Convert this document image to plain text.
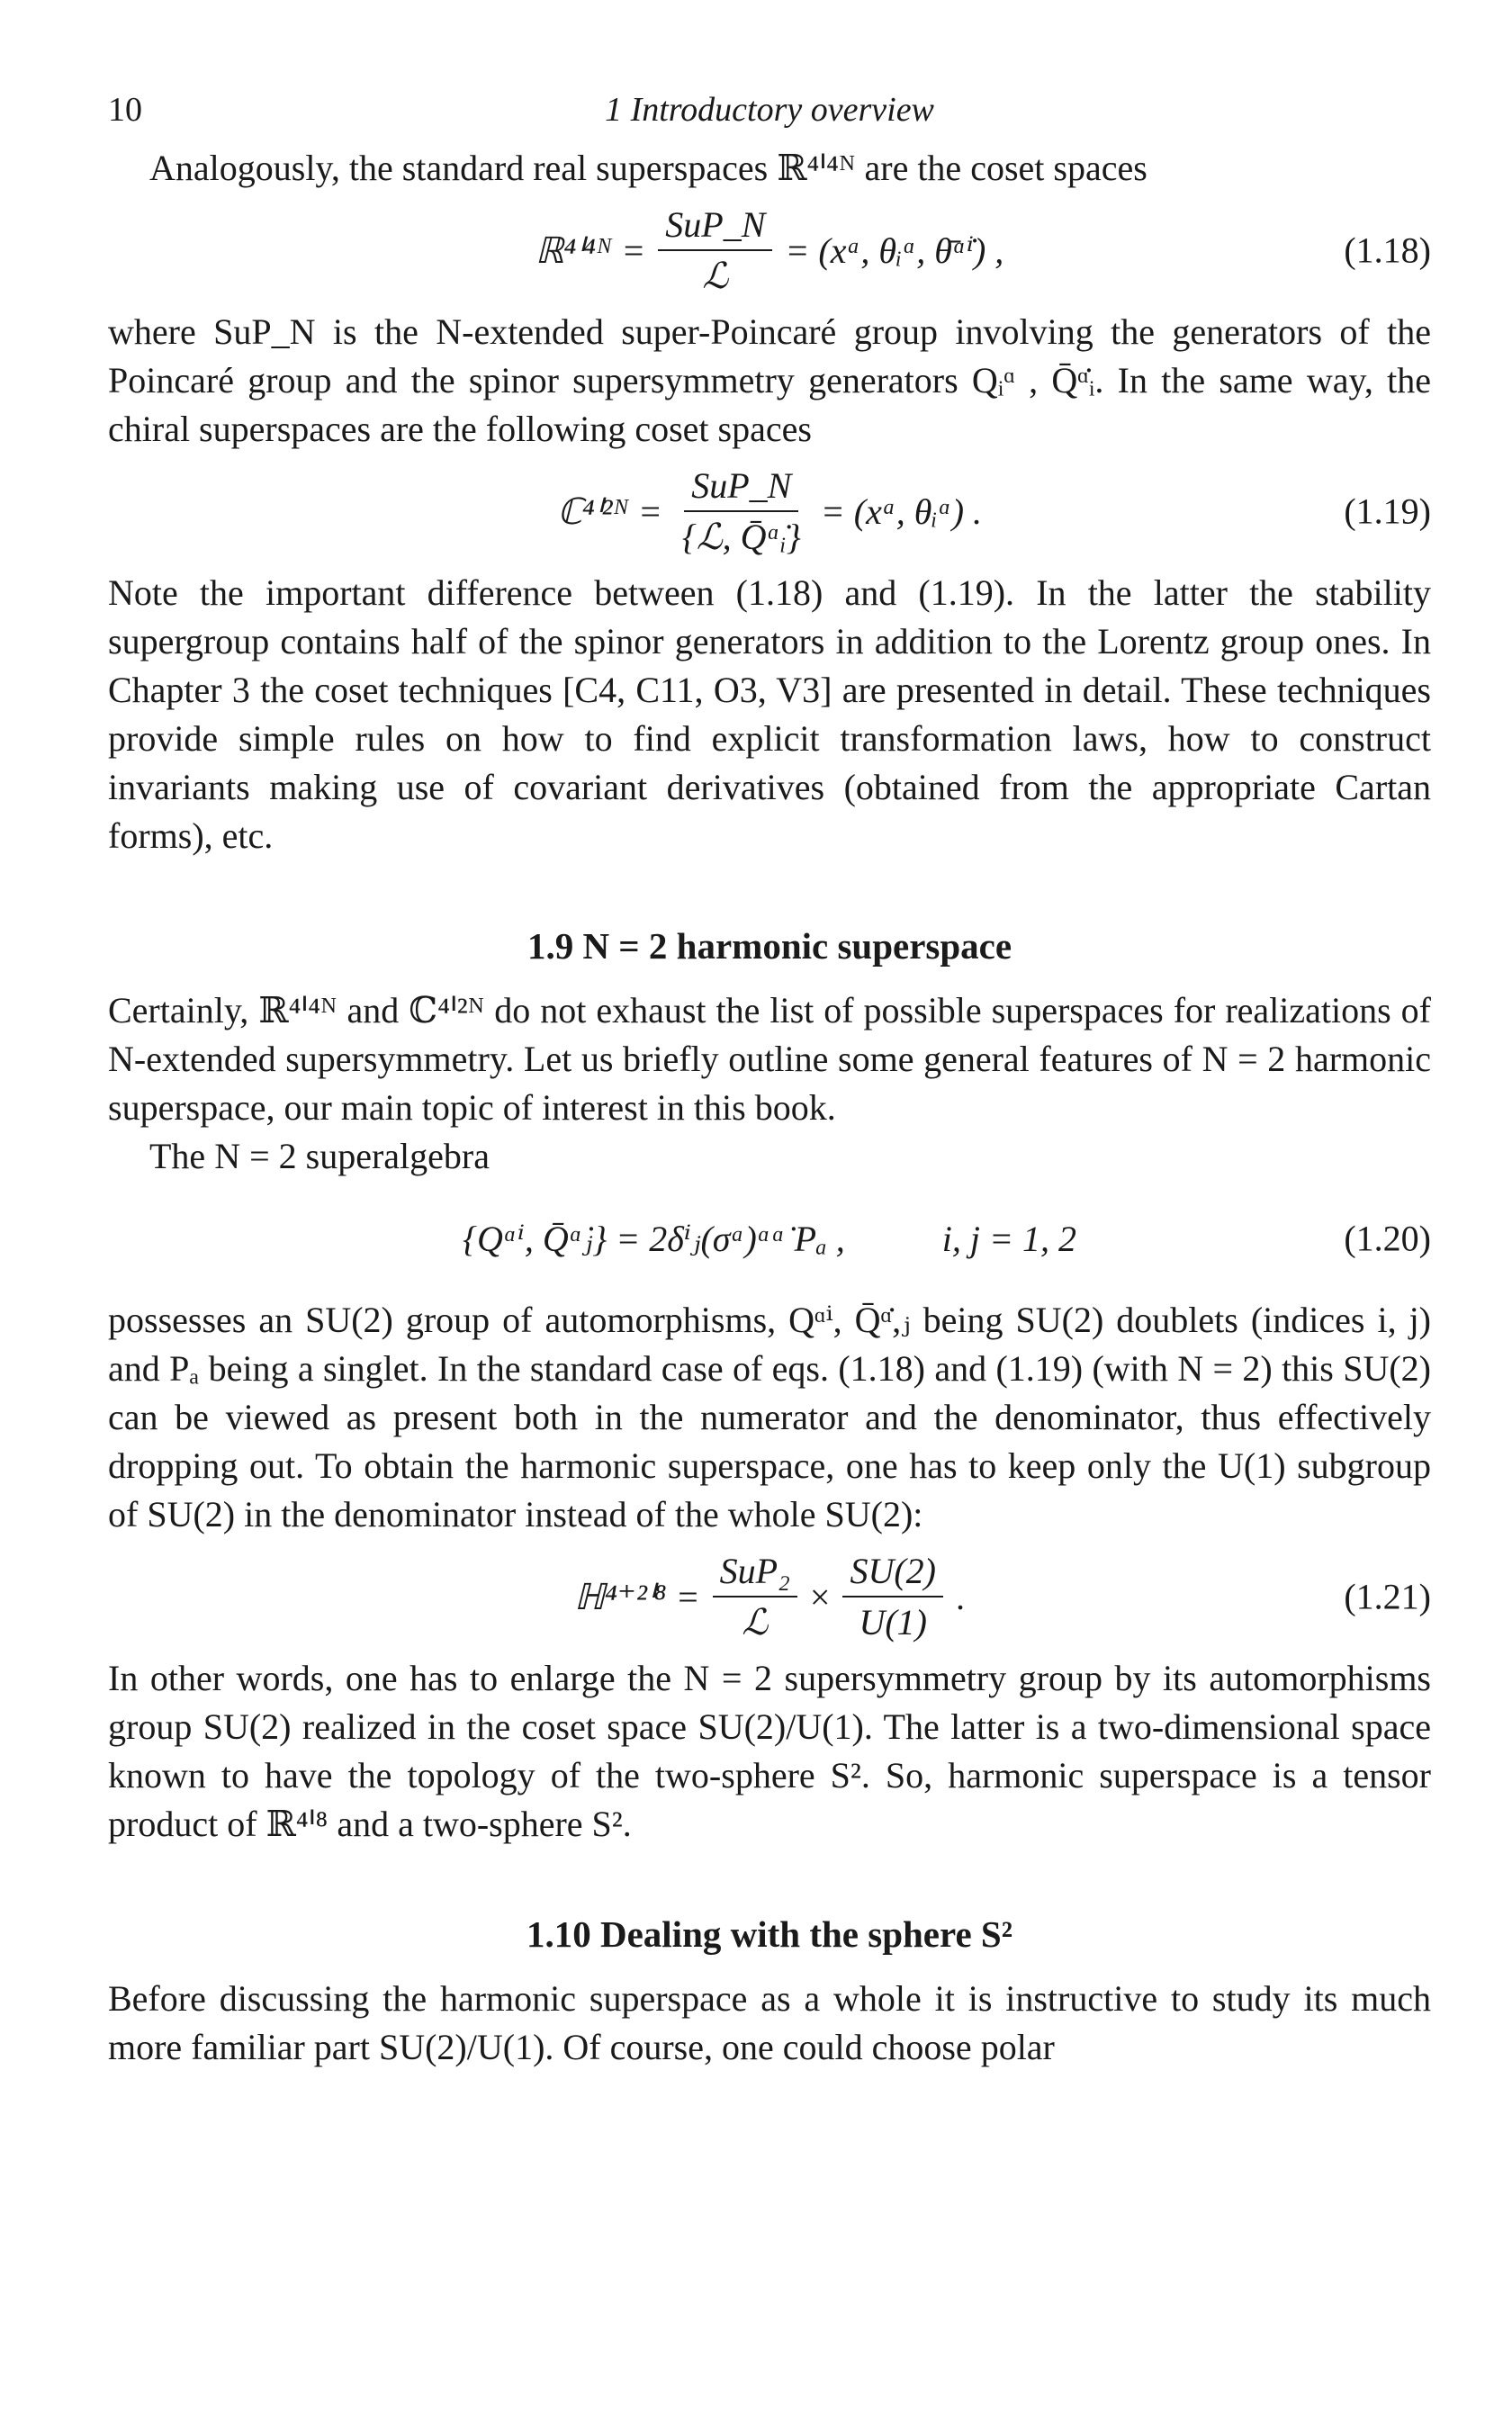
10	1 Introductory overview

Analogously, the standard real superspaces ℝ⁴ᑊ⁴ᴺ are the coset spaces

ℝ⁴ᑊ⁴ᴺ = $\frac{\text{SuP\_N}}{\text{ℒ}}$ = (xᵃ, θᵢᵅ, θ̄ᵅ̇ⁱ) ,	(1.18)

where SuP_N is the N-extended super-Poincaré group involving the generators of the Poincaré group and the spinor supersymmetry generators Qᵢᵅ , Q̄ᵅ̇ᵢ. In the same way, the chiral superspaces are the following coset spaces

ℂ⁴ᑊ²ᴺ = $\frac{\text{SuP\_N}}{\text{\{ℒ, Q̄ᵅ̇ᵢ\}}}$ = (xᵃ, θᵢᵅ) .	(1.19)

Note the important difference between (1.18) and (1.19). In the latter the stability supergroup contains half of the spinor generators in addition to the Lorentz group ones. In Chapter 3 the coset techniques [C4, C11, O3, V3] are presented in detail. These techniques provide simple rules on how to find explicit transformation laws, how to construct invariants making use of covariant derivatives (obtained from the appropriate Cartan forms), etc.

1.9 N = 2 harmonic superspace

Certainly, ℝ⁴ᑊ⁴ᴺ and ℂ⁴ᑊ²ᴺ do not exhaust the list of possible superspaces for realizations of N-extended supersymmetry. Let us briefly outline some general features of N = 2 harmonic superspace, our main topic of interest in this book.

The N = 2 superalgebra

{Qᵅⁱ, Q̄ᵅ̇ⱼ} = 2δⁱⱼ(σᵃ)ᵅᵅ̇ Pₐ ,	i, j = 1, 2	(1.20)

possesses an SU(2) group of automorphisms, Qᵅⁱ, Q̄ᵅ̇,ⱼ being SU(2) doublets (indices i, j) and Pₐ being a singlet. In the standard case of eqs. (1.18) and (1.19) (with N = 2) this SU(2) can be viewed as present both in the numerator and the denominator, thus effectively dropping out. To obtain the harmonic superspace, one has to keep only the U(1) subgroup of SU(2) in the denominator instead of the whole SU(2):

ℍ⁴⁺²ᑊ⁸ = $\frac{\text{SuP₂}}{\text{ℒ}} \times \frac{SU(2)}{U(1)}$ .	(1.21)

In other words, one has to enlarge the N = 2 supersymmetry group by its automorphisms group SU(2) realized in the coset space SU(2)/U(1). The latter is a two-dimensional space known to have the topology of the two-sphere S². So, harmonic superspace is a tensor product of ℝ⁴ᑊ⁸ and a two-sphere S².

1.10 Dealing with the sphere S²

Before discussing the harmonic superspace as a whole it is instructive to study its much more familiar part SU(2)/U(1). Of course, one could choose polar
